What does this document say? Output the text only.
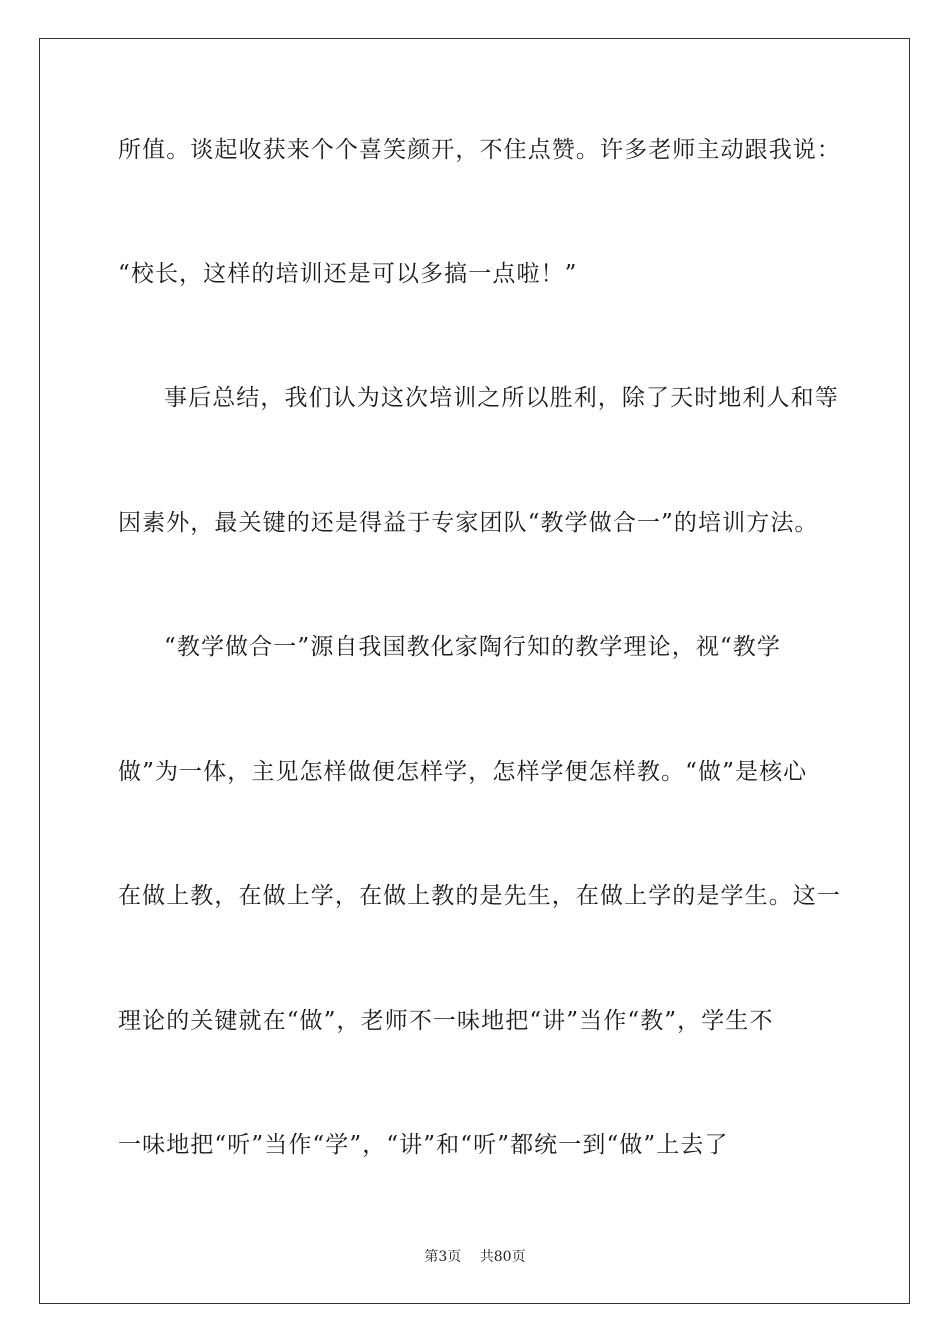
所值。谈起收获来个个喜笑颜开，不住点赞。许多老师主动跟我说：
“校长，这样的培训还是可以多搞一点啦！”
事后总结，我们认为这次培训之所以胜利，除了天时地利人和等
因素外，最关键的还是得益于专家团队“教学做合一”的培训方法。
“教学做合一”源自我国教化家陶行知的教学理论，视“教学
做”为一体，主见怎样做便怎样学，怎样学便怎样教。“做”是核心
在做上教，在做上学，在做上教的是先生，在做上学的是学生。这一
理论的关键就在“做”，老师不一味地把“讲”当作“教”，学生不
一味地把“听”当作“学”，“讲”和“听”都统一到“做”上去了
第3页 共80页
